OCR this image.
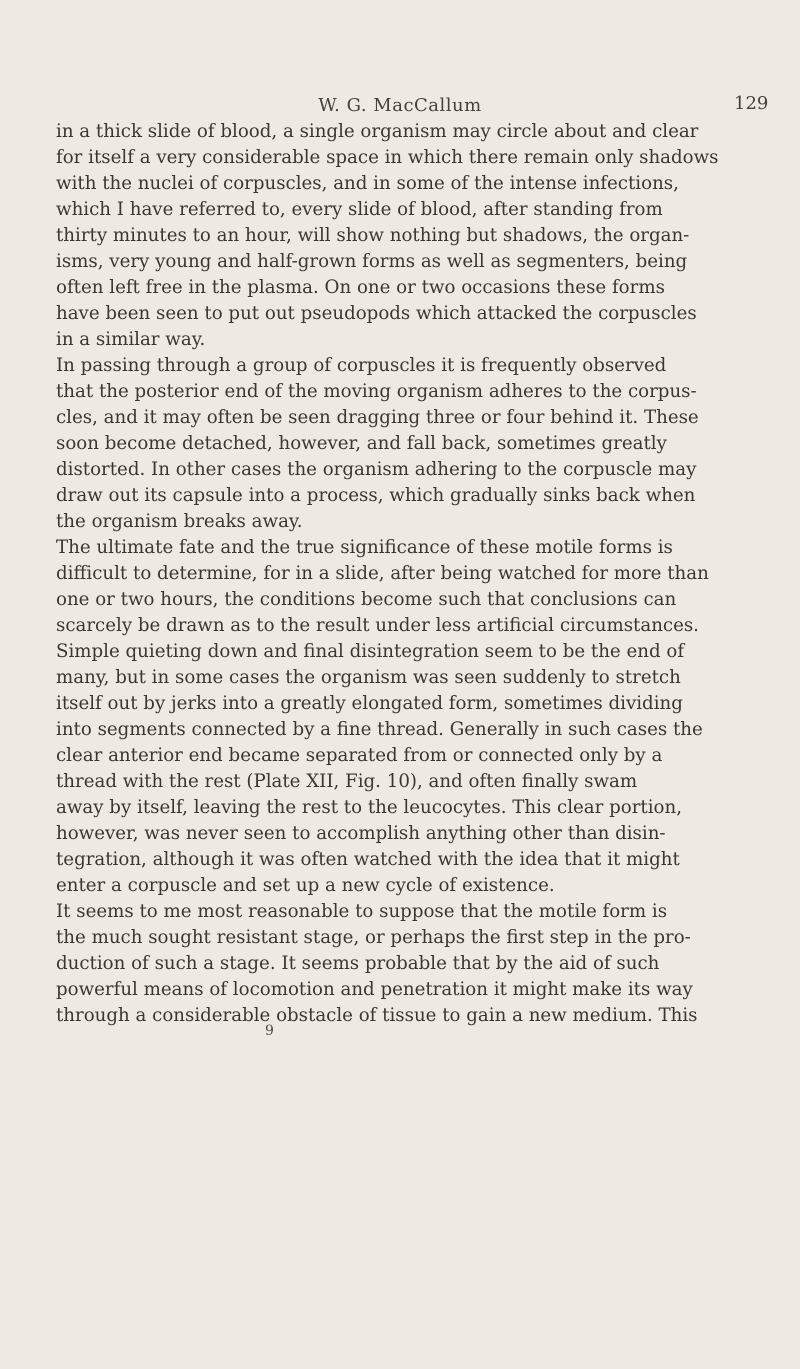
W. G. MacCallum	129
in a thick slide of blood, a single organism may circle about and clear
for itself a very considerable space in which there remain only shadows
with the nuclei of corpuscles, and in some of the intense infections,
which I have referred to, every slide of blood, after standing from
thirty minutes to an hour, will show nothing but shadows, the organ-
isms, very young and half-grown forms as well as segmenters, being
often left free in the plasma. On one or two occasions these forms
have been seen to put out pseudopods which attacked the corpuscles
in a similar way.
In passing through a group of corpuscles it is frequently observed
that the posterior end of the moving organism adheres to the corpus-
cles, and it may often be seen dragging three or four behind it. These
soon become detached, however, and fall back, sometimes greatly
distorted. In other cases the organism adhering to the corpuscle may
draw out its capsule into a process, which gradually sinks back when
the organism breaks away.
The ultimate fate and the true significance of these motile forms is
difficult to determine, for in a slide, after being watched for more than
one or two hours, the conditions become such that conclusions can
scarcely be drawn as to the result under less artificial circumstances.
Simple quieting down and final disintegration seem to be the end of
many, but in some cases the organism was seen suddenly to stretch
itself out by jerks into a greatly elongated form, sometimes dividing
into segments connected by a fine thread. Generally in such cases the
clear anterior end became separated from or connected only by a
thread with the rest (Plate XII, Fig. 10), and often finally swam
away by itself, leaving the rest to the leucocytes. This clear portion,
however, was never seen to accomplish anything other than disin-
tegration, although it was often watched with the idea that it might
enter a corpuscle and set up a new cycle of existence.
It seems to me most reasonable to suppose that the motile form is
the much sought resistant stage, or perhaps the first step in the pro-
duction of such a stage. It seems probable that by the aid of such
powerful means of locomotion and penetration it might make its way
through a considerable obstacle of tissue to gain a new medium. This
9
